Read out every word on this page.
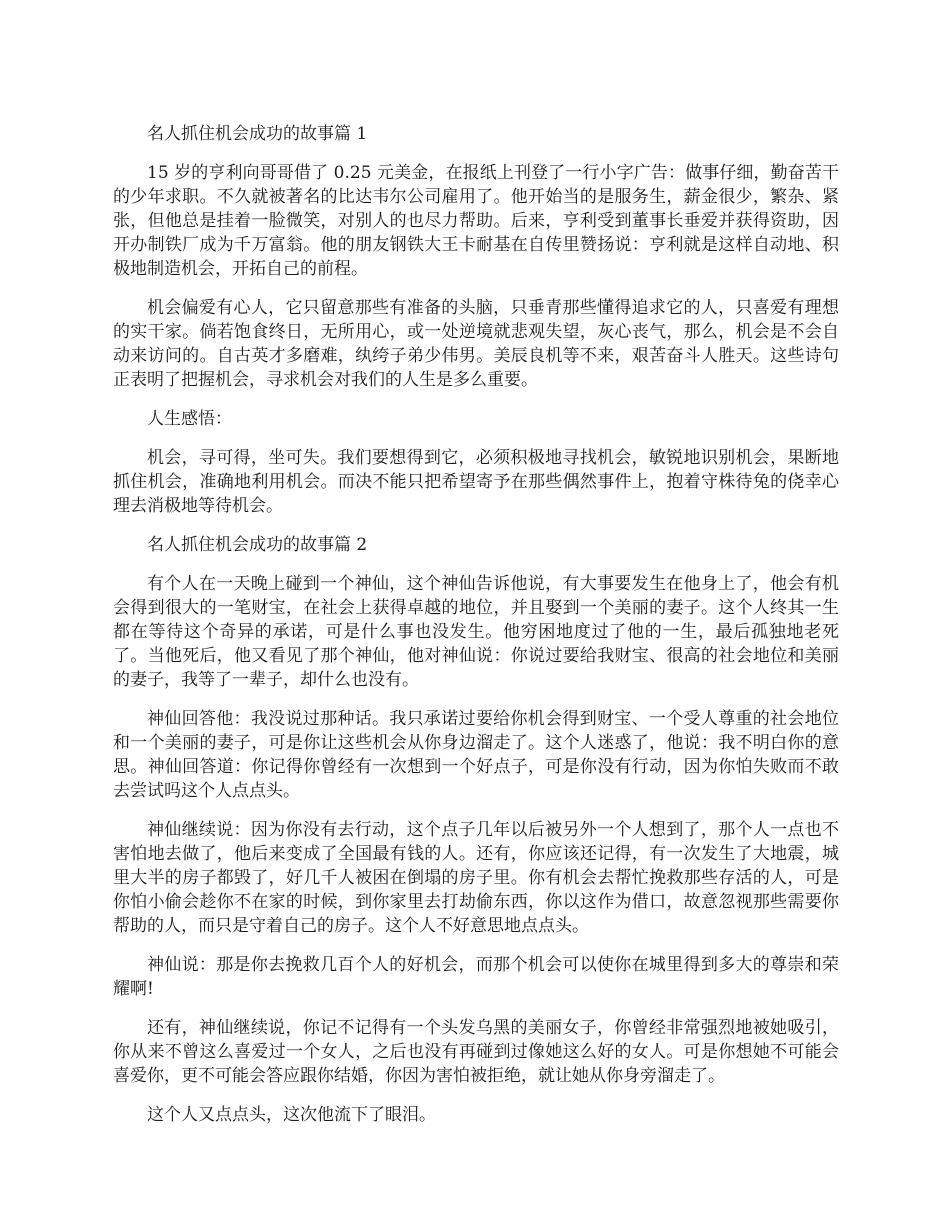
名人抓住机会成功的故事篇 1

15 岁的亨利向哥哥借了 0.25 元美金，在报纸上刊登了一行小字广告：做事仔细，勤奋苦干的少年求职。不久就被著名的比达韦尔公司雇用了。他开始当的是服务生，薪金很少，繁杂、紧张，但他总是挂着一脸微笑，对别人的也尽力帮助。后来，亨利受到董事长垂爱并获得资助，因开办制铁厂成为千万富翁。他的朋友钢铁大王卡耐基在自传里赞扬说：亨利就是这样自动地、积极地制造机会，开拓自己的前程。

机会偏爱有心人，它只留意那些有准备的头脑，只垂青那些懂得追求它的人，只喜爱有理想的实干家。倘若饱食终日，无所用心，或一处逆境就悲观失望，灰心丧气，那么，机会是不会自动来访问的。自古英才多磨难，纨绔子弟少伟男。美辰良机等不来，艰苦奋斗人胜天。这些诗句正表明了把握机会，寻求机会对我们的人生是多么重要。

人生感悟：

机会，寻可得，坐可失。我们要想得到它，必须积极地寻找机会，敏锐地识别机会，果断地抓住机会，准确地利用机会。而决不能只把希望寄予在那些偶然事件上，抱着守株待兔的侥幸心理去消极地等待机会。

名人抓住机会成功的故事篇 2

有个人在一天晚上碰到一个神仙，这个神仙告诉他说，有大事要发生在他身上了，他会有机会得到很大的一笔财宝，在社会上获得卓越的地位，并且娶到一个美丽的妻子。这个人终其一生都在等待这个奇异的承诺，可是什么事也没发生。他穷困地度过了他的一生，最后孤独地老死了。当他死后，他又看见了那个神仙，他对神仙说：你说过要给我财宝、很高的社会地位和美丽的妻子，我等了一辈子，却什么也没有。

神仙回答他：我没说过那种话。我只承诺过要给你机会得到财宝、一个受人尊重的社会地位和一个美丽的妻子，可是你让这些机会从你身边溜走了。这个人迷惑了，他说：我不明白你的意思。神仙回答道：你记得你曾经有一次想到一个好点子，可是你没有行动，因为你怕失败而不敢去尝试吗这个人点点头。

神仙继续说：因为你没有去行动，这个点子几年以后被另外一个人想到了，那个人一点也不害怕地去做了，他后来变成了全国最有钱的人。还有，你应该还记得，有一次发生了大地震，城里大半的房子都毁了，好几千人被困在倒塌的房子里。你有机会去帮忙挽救那些存活的人，可是你怕小偷会趁你不在家的时候，到你家里去打劫偷东西，你以这作为借口，故意忽视那些需要你帮助的人，而只是守着自己的房子。这个人不好意思地点点头。

神仙说：那是你去挽救几百个人的好机会，而那个机会可以使你在城里得到多大的尊崇和荣耀啊!

还有，神仙继续说，你记不记得有一个头发乌黑的美丽女子，你曾经非常强烈地被她吸引，你从来不曾这么喜爱过一个女人，之后也没有再碰到过像她这么好的女人。可是你想她不可能会喜爱你，更不可能会答应跟你结婚，你因为害怕被拒绝，就让她从你身旁溜走了。

这个人又点点头，这次他流下了眼泪。
